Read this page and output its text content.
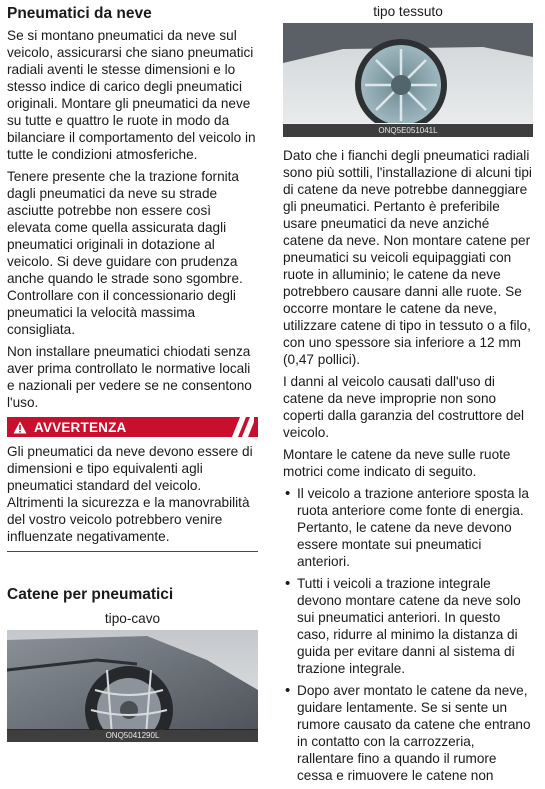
Pneumatici da neve

Se si montano pneumatici da neve sul veicolo, assicurarsi che siano pneumatici radiali aventi le stesse dimensioni e lo stesso indice di carico degli pneumatici originali. Montare gli pneumatici da neve su tutte e quattro le ruote in modo da bilanciare il comportamento del veicolo in tutte le condizioni atmosferiche.

Tenere presente che la trazione fornita dagli pneumatici da neve su strade asciutte potrebbe non essere così elevata come quella assicurata dagli pneumatici originali in dotazione al veicolo. Si deve guidare con prudenza anche quando le strade sono sgombre. Controllare con il concessionario degli pneumatici la velocità massima consigliata.

Non installare pneumatici chiodati senza aver prima controllato le normative locali e nazionali per vedere se ne consentono l'uso.

AVVERTENZA

Gli pneumatici da neve devono essere di dimensioni e tipo equivalenti agli pneumatici standard del veicolo. Altrimenti la sicurezza e la manovrabilità del vostro veicolo potrebbero venire influenzate negativamente.

Catene per pneumatici
tipo-cavo
ONQ5041290L
tipo tessuto
ONQ5E051041L

Dato che i fianchi degli pneumatici radiali sono più sottili, l'installazione di alcuni tipi di catene da neve potrebbe danneggiare gli pneumatici. Pertanto è preferibile usare pneumatici da neve anziché catene da neve. Non montare catene per pneumatici su veicoli equipaggiati con ruote in alluminio; le catene da neve potrebbero causare danni alle ruote. Se occorre montare le catene da neve, utilizzare catene di tipo in tessuto o a filo, con uno spessore sia inferiore a 12 mm (0,47 pollici).

I danni al veicolo causati dall'uso di catene da neve improprie non sono coperti dalla garanzia del costruttore del veicolo.

Montare le catene da neve sulle ruote motrici come indicato di seguito.

• Il veicolo a trazione anteriore sposta la ruota anteriore come fonte di energia. Pertanto, le catene da neve devono essere montate sui pneumatici anteriori.
• Tutti i veicoli a trazione integrale devono montare catene da neve solo sui pneumatici anteriori. In questo caso, ridurre al minimo la distanza di guida per evitare danni al sistema di trazione integrale.
• Dopo aver montato le catene da neve, guidare lentamente. Se si sente un rumore causato da catene che entrano in contatto con la carrozzeria, rallentare fino a quando il rumore cessa e rimuovere le catene non
